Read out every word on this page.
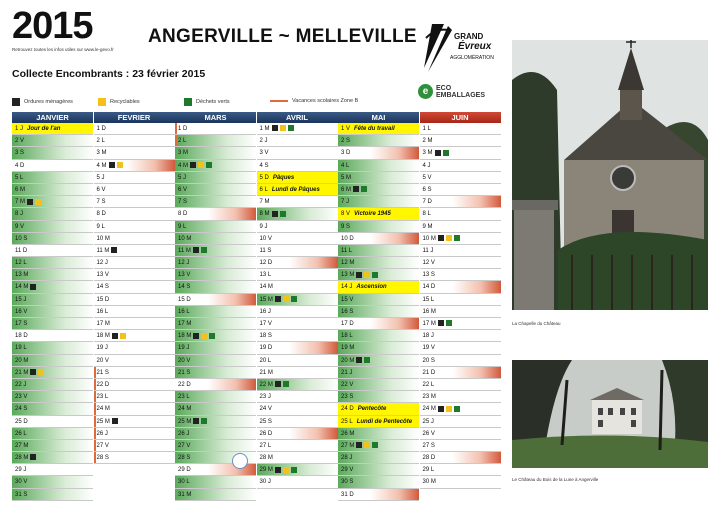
2015
Retrouvez toutes les infos utiles sur www.le-gevo.fr
ANGERVILLE ~ MELLEVILLE
Collecte Encombrants : 23 février 2015
Ordures ménagères	Recyclables	Déchets verts	Vacances scolaires Zone B
GRAND
Évreux
AGGLOMÉRATION
e	ECO
EMBALLAGES
JANVIER
1 J Jour de l'an
2 V
3 S
4 D
5 L
6 M
7 M
8 J
9 V
10 S
11 D
12 L
13 M
14 M
15 J
16 V
17 S
18 D
19 L
20 M
21 M
22 J
23 V
24 S
25 D
26 L
27 M
28 M
29 J
30 V
31 S
FEVRIER
1 D
2 L
3 M
4 M
5 J
6 V
7 S
8 D
9 L
10 M
11 M
12 J
13 V
14 S
15 D
16 L
17 M
18 M
19 J
20 V
21 S
22 D
23 L
24 M
25 M
26 J
27 V
28 S
MARS
1 D
2 L
3 M
4 M
5 J
6 V
7 S
8 D
9 L
10 M
11 M
12 J
13 V
14 S
15 D
16 L
17 M
18 M
19 J
20 V
21 S
22 D
23 L
24 M
25 M
26 J
27 V
28 S
29 D
30 L
31 M
AVRIL
1 M
2 J
3 V
4 S
5 D Pâques
6 L Lundi de Pâques
7 M
8 M
9 J
10 V
11 S
12 D
13 L
14 M
15 M
16 J
17 V
18 S
19 D
20 L
21 M
22 M
23 J
24 V
25 S
26 D
27 L
28 M
29 M
30 J
MAI
1 V Fête du travail
2 S
3 D
4 L
5 M
6 M
7 J
8 V Victoire 1945
9 S
10 D
11 L
12 M
13 M
14 J Ascension
15 V
16 S
17 D
18 L
19 M
20 M
21 J
22 V
23 S
24 D Pentecôte
25 L Lundi de Pentecôte
26 M
27 M
28 J
29 V
30 S
31 D
JUIN
1 L
2 M
3 M
4 J
5 V
6 S
7 D
8 L
9 M
10 M
11 J
12 V
13 S
14 D
15 L
16 M
17 M
18 J
19 V
20 S
21 D
22 L
23 M
24 M
25 J
26 V
27 S
28 D
29 L
30 M
La Chapelle du Château
Le Château du Bois de la Lune à Angerville
